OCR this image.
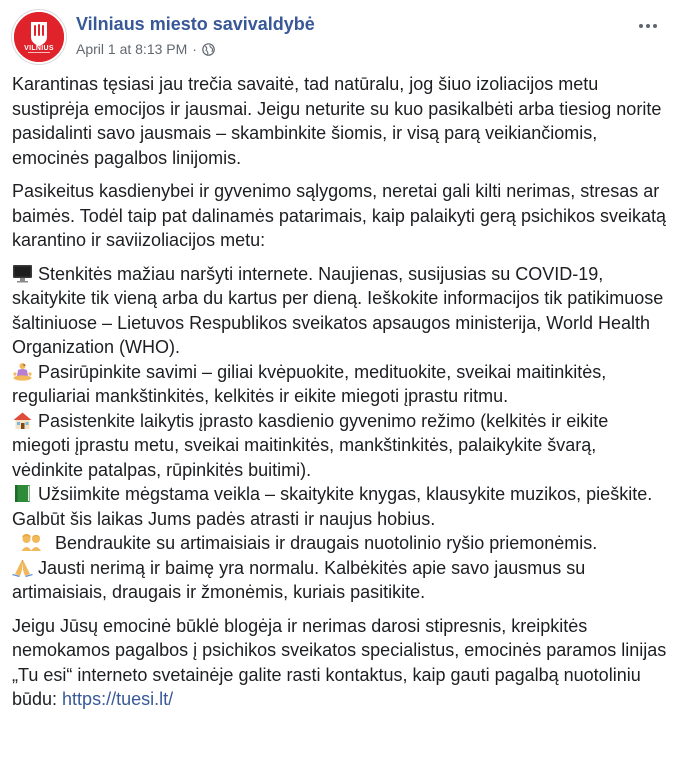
VILNIUS
Vilniaus miesto savivaldybė
April 1 at 8:13 PM ·

Karantinas tęsiasi jau trečia savaitė, tad natūralu, jog šiuo izoliacijos metu sustiprėja emocijos ir jausmai. Jeigu neturite su kuo pasikalbėti arba tiesiog norite pasidalinti savo jausmais – skambinkite šiomis, ir visą parą veikiančiomis, emocinės pagalbos linijomis.

Pasikeitus kasdienybei ir gyvenimo sąlygoms, neretai gali kilti nerimas, stresas ar baimės. Todėl taip pat dalinamės patarimais, kaip palaikyti gerą psichikos sveikatą karantino ir saviizoliacijos metu:

Stenkitės mažiau naršyti internete. Naujienas, susijusias su COVID-19, skaitykite tik vieną arba du kartus per dieną. Ieškokite informacijos tik patikimuose šaltiniuose – Lietuvos Respublikos sveikatos apsaugos ministerija, World Health Organization (WHO).
Pasirūpinkite savimi – giliai kvėpuokite, medituokite, sveikai maitinkitės, reguliariai mankštinkitės, kelkitės ir eikite miegoti įprastu ritmu.
Pasistenkite laikytis įprasto kasdienio gyvenimo režimo (kelkitės ir eikite miegoti įprastu metu, sveikai maitinkitės, mankštinkitės, palaikykite švarą, vėdinkite patalpas, rūpinkitės buitimi).
Užsiimkite mėgstama veikla – skaitykite knygas, klausykite muzikos, pieškite. Galbūt šis laikas Jums padės atrasti ir naujus hobius.
Bendraukite su artimaisiais ir draugais nuotolinio ryšio priemonėmis.
Jausti nerimą ir baimę yra normalu. Kalbėkitės apie savo jausmus su artimaisiais, draugais ir žmonėmis, kuriais pasitikite.

Jeigu Jūsų emocinė būklė blogėja ir nerimas darosi stipresnis, kreipkitės nemokamos pagalbos į psichikos sveikatos specialistus, emocinės paramos linijas „Tu esi“ interneto svetainėje galite rasti kontaktus, kaip gauti pagalbą nuotoliniu būdu: https://tuesi.lt/
